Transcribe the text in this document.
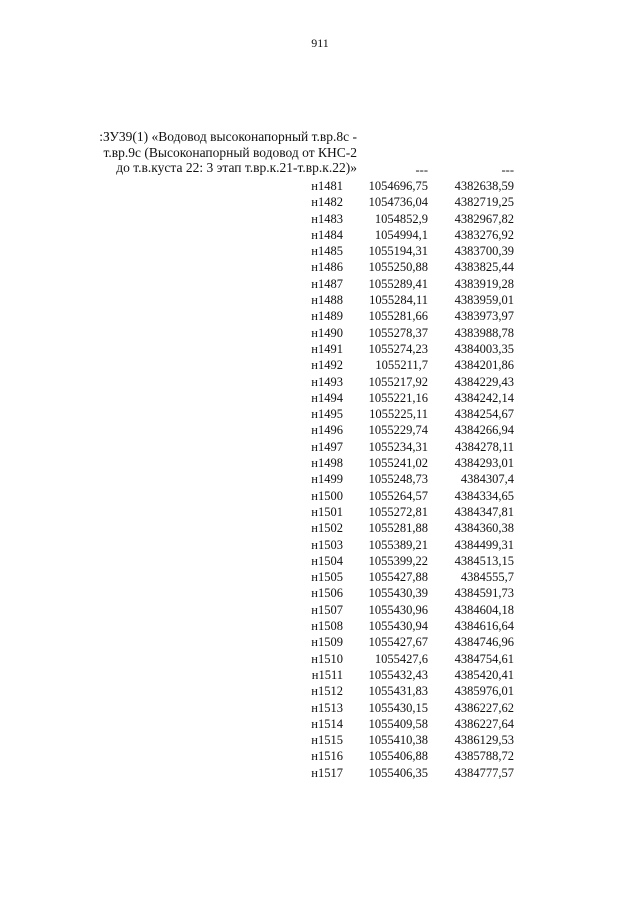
911
:ЗУ39(1) «Водовод высоконапорный т.вр.8с -
т.вр.9с (Высоконапорный водовод от КНС-2
до т.в.куста 22: 3 этап т.вр.к.21-т.вр.к.22)»	---	---
н1481 1054696,75 4382638,59
н1482 1054736,04 4382719,25
н1483	1054852,9 4382967,82
н1484	1054994,1 4383276,92
н1485 1055194,31 4383700,39
н1486 1055250,88 4383825,44
н1487 1055289,41 4383919,28
н1488 1055284,11 4383959,01
н1489 1055281,66 4383973,97
н1490 1055278,37 4383988,78
н1491 1055274,23 4384003,35
н1492	1055211,7 4384201,86
н1493 1055217,92 4384229,43
н1494 1055221,16 4384242,14
н1495 1055225,11 4384254,67
н1496 1055229,74 4384266,94
н1497 1055234,31 4384278,11
н1498 1055241,02 4384293,01
н1499 1055248,73	4384307,4
н1500 1055264,57 4384334,65
н1501 1055272,81 4384347,81
н1502 1055281,88 4384360,38
н1503 1055389,21 4384499,31
н1504 1055399,22 4384513,15
н1505 1055427,88	4384555,7
н1506 1055430,39 4384591,73
н1507 1055430,96 4384604,18
н1508 1055430,94 4384616,64
н1509 1055427,67 4384746,96
н1510	1055427,6 4384754,61
н1511 1055432,43 4385420,41
н1512 1055431,83 4385976,01
н1513 1055430,15 4386227,62
н1514 1055409,58 4386227,64
н1515 1055410,38 4386129,53
н1516 1055406,88 4385788,72
н1517 1055406,35 4384777,57
